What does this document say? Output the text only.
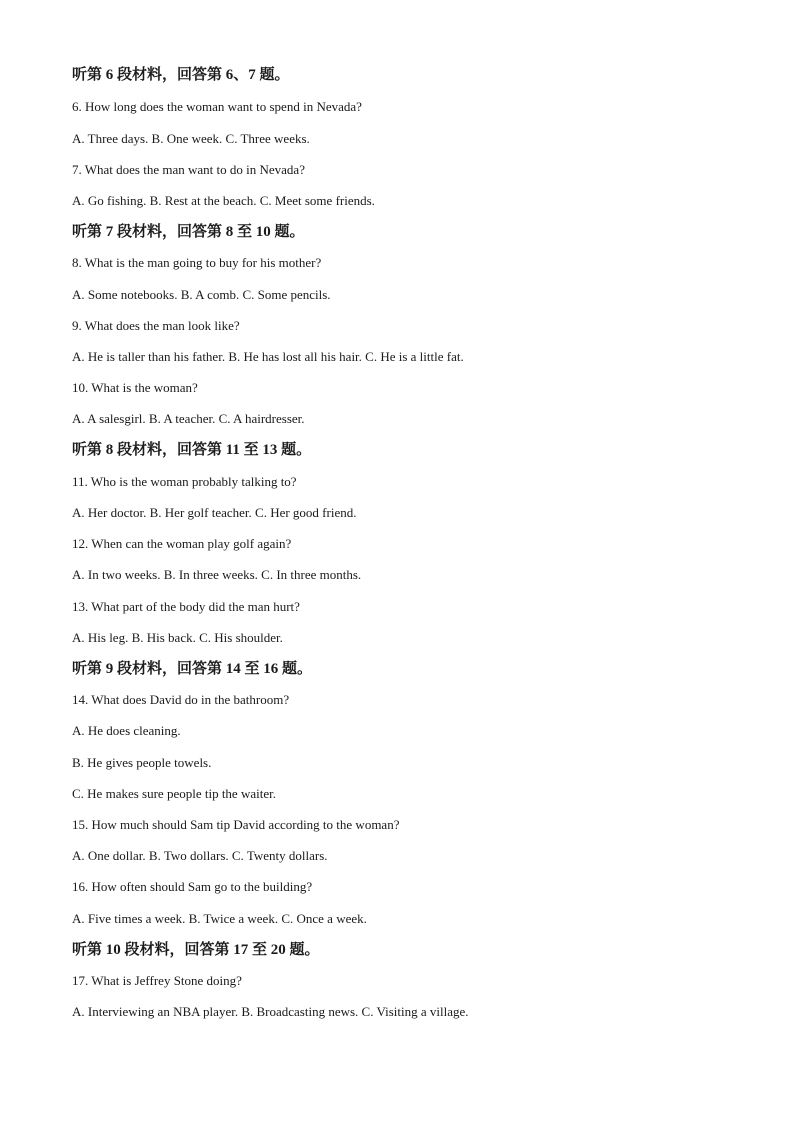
听第 6 段材料，回答第 6、7 题。
6. How long does the woman want to spend in Nevada?
A. Three days. B. One week. C. Three weeks.
7. What does the man want to do in Nevada?
A. Go fishing. B. Rest at the beach. C. Meet some friends.
听第 7 段材料，回答第 8 至 10 题。
8. What is the man going to buy for his mother?
A. Some notebooks. B. A comb. C. Some pencils.
9. What does the man look like?
A. He is taller than his father. B. He has lost all his hair. C. He is a little fat.
10. What is the woman?
A. A salesgirl. B. A teacher. C. A hairdresser.
听第 8 段材料，回答第 11 至 13 题。
11. Who is the woman probably talking to?
A. Her doctor. B. Her golf teacher. C. Her good friend.
12. When can the woman play golf again?
A. In two weeks. B. In three weeks. C. In three months.
13. What part of the body did the man hurt?
A. His leg. B. His back. C. His shoulder.
听第 9 段材料，回答第 14 至 16 题。
14. What does David do in the bathroom?
A. He does cleaning.
B. He gives people towels.
C. He makes sure people tip the waiter.
15. How much should Sam tip David according to the woman?
A. One dollar. B. Two dollars. C. Twenty dollars.
16. How often should Sam go to the building?
A. Five times a week. B. Twice a week. C. Once a week.
听第 10 段材料，回答第 17 至 20 题。
17. What is Jeffrey Stone doing?
A. Interviewing an NBA player. B. Broadcasting news. C. Visiting a village.
